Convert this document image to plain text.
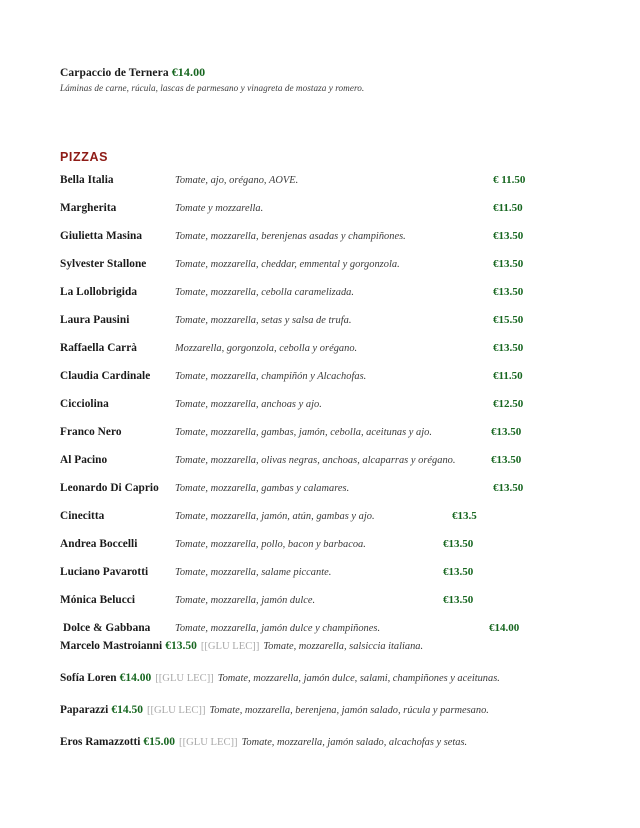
Carpaccio de Ternera €14.00
Láminas de carne, rúcula, lascas de parmesano y vinagreta de mostaza y romero.
PIZZAS
Bella Italia	Tomate, ajo, orégano, AOVE.	€ 11.50
Margherita	Tomate y mozzarella.	€11.50
Giulietta Masina	Tomate, mozzarella, berenjenas asadas y champiñones.	€13.50
Sylvester Stallone	Tomate, mozzarella, cheddar, emmental y gorgonzola.	€13.50
La Lollobrigida	Tomate, mozzarella, cebolla caramelizada.	€13.50
Laura Pausini	Tomate, mozzarella, setas y salsa de trufa.	€15.50
Raffaella Carrà	Mozzarella, gorgonzola, cebolla y orégano.	€13.50
Claudia Cardinale Tomate, mozzarella, champiñón y Alcachofas.	€11.50
Cicciolina	Tomate, mozzarella, anchoas y ajo.	€12.50
Franco Nero	Tomate, mozzarella, gambas, jamón, cebolla, aceitunas y ajo.	€13.50
Al Pacino	Tomate, mozzarella, olivas negras, anchoas, alcaparras y orégano.	€13.50
Leonardo Di Caprio Tomate, mozzarella, gambas y calamares.	€13.50
Cinecitta	Tomate, mozzarella, jamón, atún, gambas y ajo.	€13.5
Andrea Boccelli	Tomate, mozzarella, pollo, bacon y barbacoa.	€13.50
Luciano Pavarotti	Tomate, mozzarella, salame piccante.	€13.50
Mónica Belucci	Tomate, mozzarella, jamón dulce.	€13.50
Dolce & Gabbana Tomate, mozzarella, jamón dulce y champiñones.	€14.00
Marcelo Mastroianni €13.50 [[GLU LEC]] Tomate, mozzarella, salsiccia italiana.
Sofía Loren €14.00 [[GLU LEC]] Tomate, mozzarella, jamón dulce, salami, champiñones y aceitunas.
Paparazzi €14.50 [[GLU LEC]] Tomate, mozzarella, berenjena, jamón salado, rúcula y parmesano.
Eros Ramazzotti €15.00 [[GLU LEC]] Tomate, mozzarella, jamón salado, alcachofas y setas.
